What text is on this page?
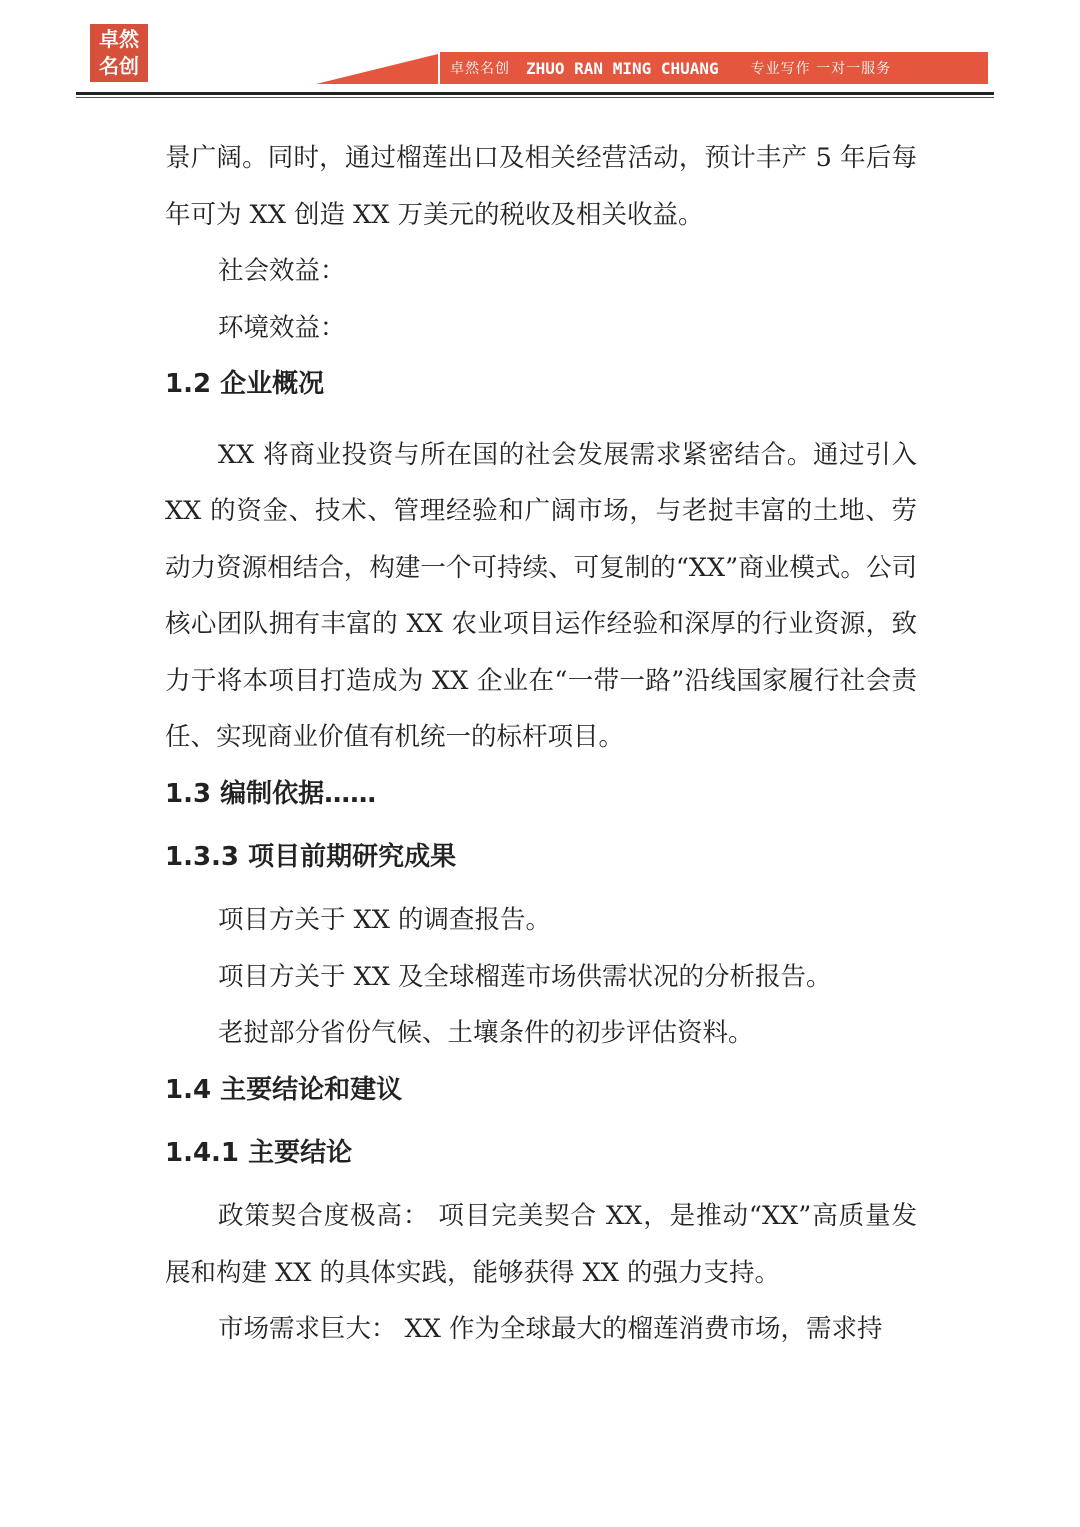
卓然 名创	卓然名创 ZHUO RAN MING CHUANG 专业写作 一对一服务

景广阔。同时，通过榴莲出口及相关经营活动，预计丰产 5 年后每年可为 XX 创造 XX 万美元的税收及相关收益。

社会效益：

环境效益：

1.2 企业概况

XX 将商业投资与所在国的社会发展需求紧密结合。通过引入 XX 的资金、技术、管理经验和广阔市场，与老挝丰富的土地、劳动力资源相结合，构建一个可持续、可复制的“XX”商业模式。公司核心团队拥有丰富的 XX 农业项目运作经验和深厚的行业资源，致力于将本项目打造成为 XX 企业在“一带一路”沿线国家履行社会责任、实现商业价值有机统一的标杆项目。

1.3 编制依据……
1.3.3 项目前期研究成果

项目方关于 XX 的调查报告。

项目方关于 XX 及全球榴莲市场供需状况的分析报告。

老挝部分省份气候、土壤条件的初步评估资料。

1.4 主要结论和建议
1.4.1 主要结论

政策契合度极高： 项目完美契合 XX，是推动“XX”高质量发展和构建 XX 的具体实践，能够获得 XX 的强力支持。

市场需求巨大： XX 作为全球最大的榴莲消费市场，需求持
